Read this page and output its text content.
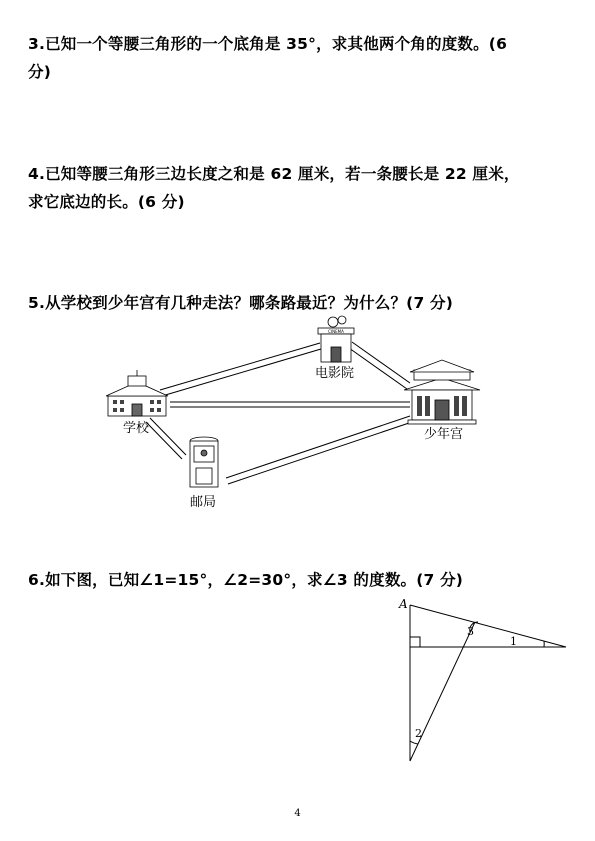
3.已知一个等腰三角形的一个底角是 35°，求其他两个角的度数。(6
分)
4.已知等腰三角形三边长度之和是 62 厘米，若一条腰长是 22 厘米，
求它底边的长。(6 分)
5.从学校到少年宫有几种走法？哪条路最近？为什么？(7 分)
学校
CINEMA
电影院
少年宫
邮局
6.如下图，已知∠1=15°，∠2=30°，求∠3 的度数。(7 分)
A
1
2
3
4
